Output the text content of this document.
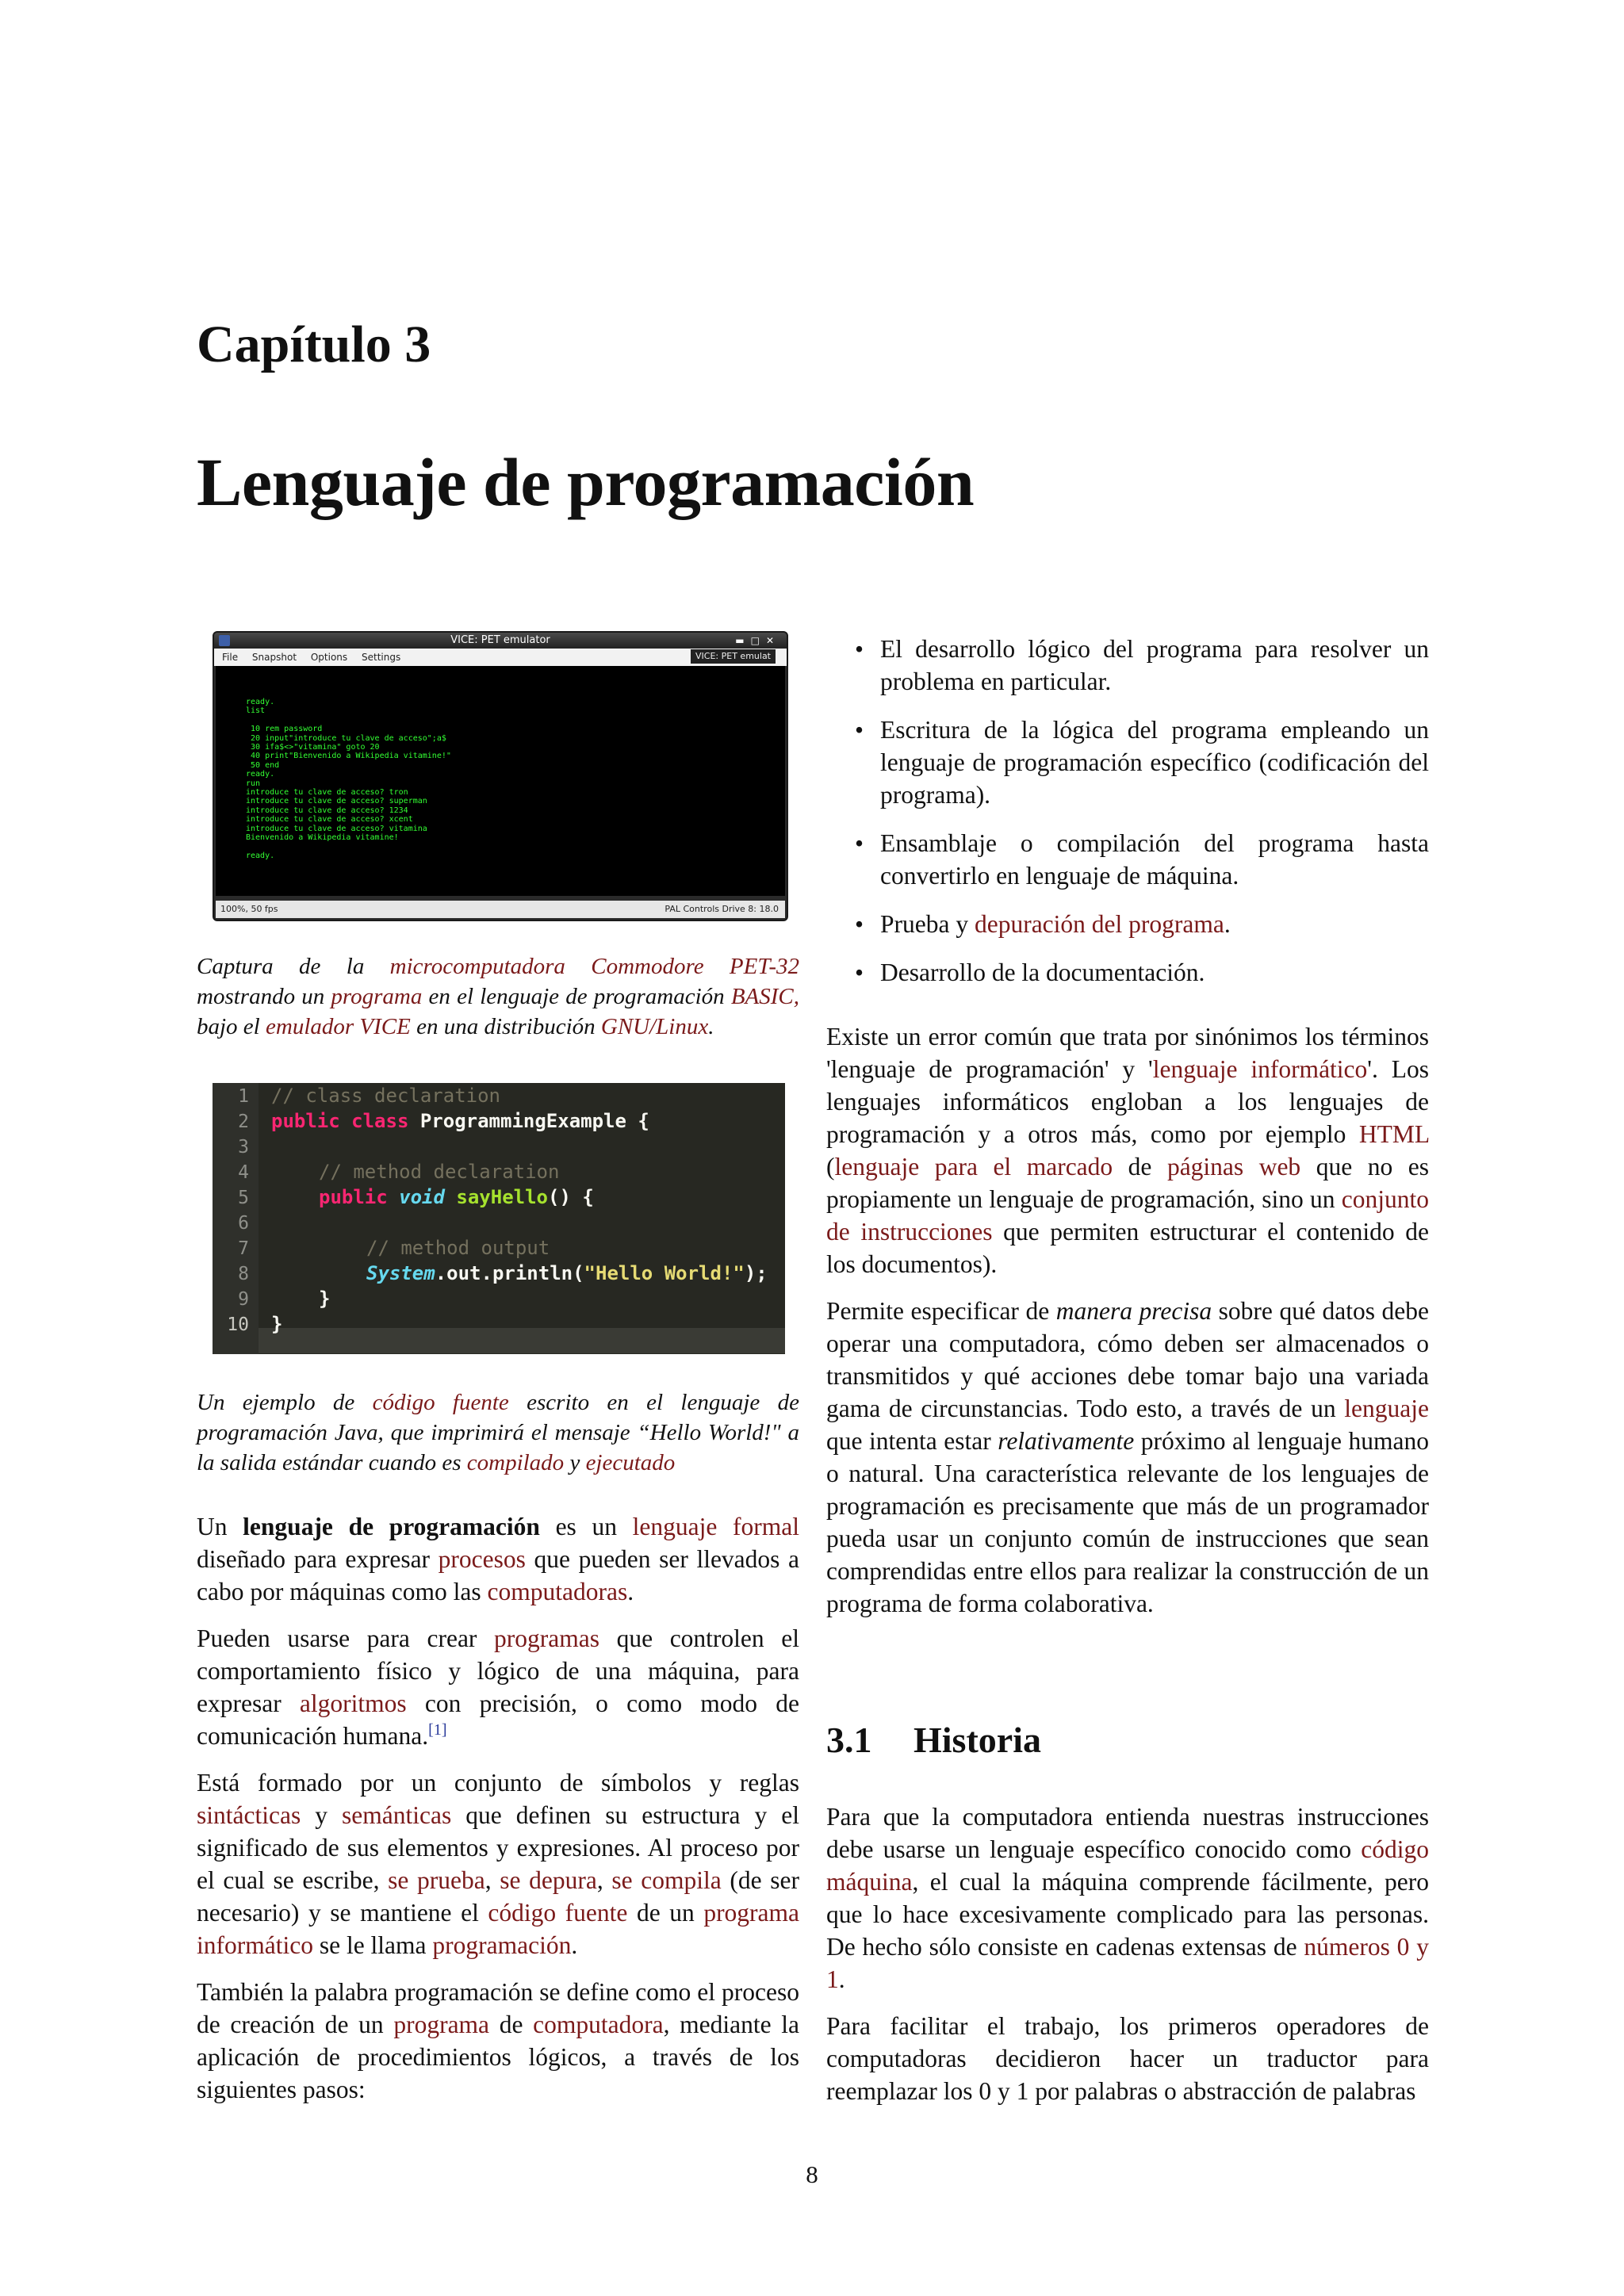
Capítulo 3
Lenguaje de programación
VICE: PET emulator	▬□✕
File Snapshot Options Settings	VICE: PET emulat
ready.
list

10 rem password
20 input"introduce tu clave de acceso";a$
30 ifa$<>"vitamina" goto 20
40 print"Bienvenido a Wikipedia vitamine!"
50 end
ready.
run
introduce tu clave de acceso? tron
introduce tu clave de acceso? superman
introduce tu clave de acceso? 1234
introduce tu clave de acceso? xcent
introduce tu clave de acceso? vitamina
Bienvenido a Wikipedia vitamine!

ready.
100%, 50 fps	PAL Controls Drive 8: 18.0
Captura de la microcomputadora Commodore PET-32 mostrando un programa en el lenguaje de programación BASIC, bajo el emulador VICE en una distribución GNU/Linux.
1
2
3
4
5
6
7
8
9
10
// class declaration
public class ProgrammingExample {
// method declaration
public void sayHello() {
// method output
System.out.println("Hello World!");
}
}
Un ejemplo de código fuente escrito en el lenguaje de programación Java, que imprimirá el mensaje “Hello World!" a la salida estándar cuando es compilado y ejecutado

Un lenguaje de programación es un lenguaje formal diseñado para expresar procesos que pueden ser llevados a cabo por máquinas como las computadoras.

Pueden usarse para crear programas que controlen el comportamiento físico y lógico de una máquina, para expresar algoritmos con precisión, o como modo de comunicación humana.[1]

Está formado por un conjunto de símbolos y reglas sintácticas y semánticas que definen su estructura y el significado de sus elementos y expresiones. Al proceso por el cual se escribe, se prueba, se depura, se compila (de ser necesario) y se mantiene el código fuente de un programa informático se le llama programación.

También la palabra programación se define como el proceso de creación de un programa de computadora, mediante la aplicación de procedimientos lógicos, a través de los siguientes pasos:

• El desarrollo lógico del programa para resolver un problema en particular.
• Escritura de la lógica del programa empleando un lenguaje de programación específico (codificación del programa).
• Ensamblaje o compilación del programa hasta convertirlo en lenguaje de máquina.
• Prueba y depuración del programa.
• Desarrollo de la documentación.

Existe un error común que trata por sinónimos los términos 'lenguaje de programación' y 'lenguaje informático'. Los lenguajes informáticos engloban a los lenguajes de programación y a otros más, como por ejemplo HTML (lenguaje para el marcado de páginas web que no es propiamente un lenguaje de programación, sino un conjunto de instrucciones que permiten estructurar el contenido de los documentos).

Permite especificar de manera precisa sobre qué datos debe operar una computadora, cómo deben ser almacenados o transmitidos y qué acciones debe tomar bajo una variada gama de circunstancias. Todo esto, a través de un lenguaje que intenta estar relativamente próximo al lenguaje humano o natural. Una característica relevante de los lenguajes de programación es precisamente que más de un programador pueda usar un conjunto común de instrucciones que sean comprendidas entre ellos para realizar la construcción de un programa de forma colaborativa.

3.1 Historia

Para que la computadora entienda nuestras instrucciones debe usarse un lenguaje específico conocido como código máquina, el cual la máquina comprende fácilmente, pero que lo hace excesivamente complicado para las personas. De hecho sólo consiste en cadenas extensas de números 0 y 1.

Para facilitar el trabajo, los primeros operadores de computadoras decidieron hacer un traductor para reemplazar los 0 y 1 por palabras o abstracción de palabras

8
